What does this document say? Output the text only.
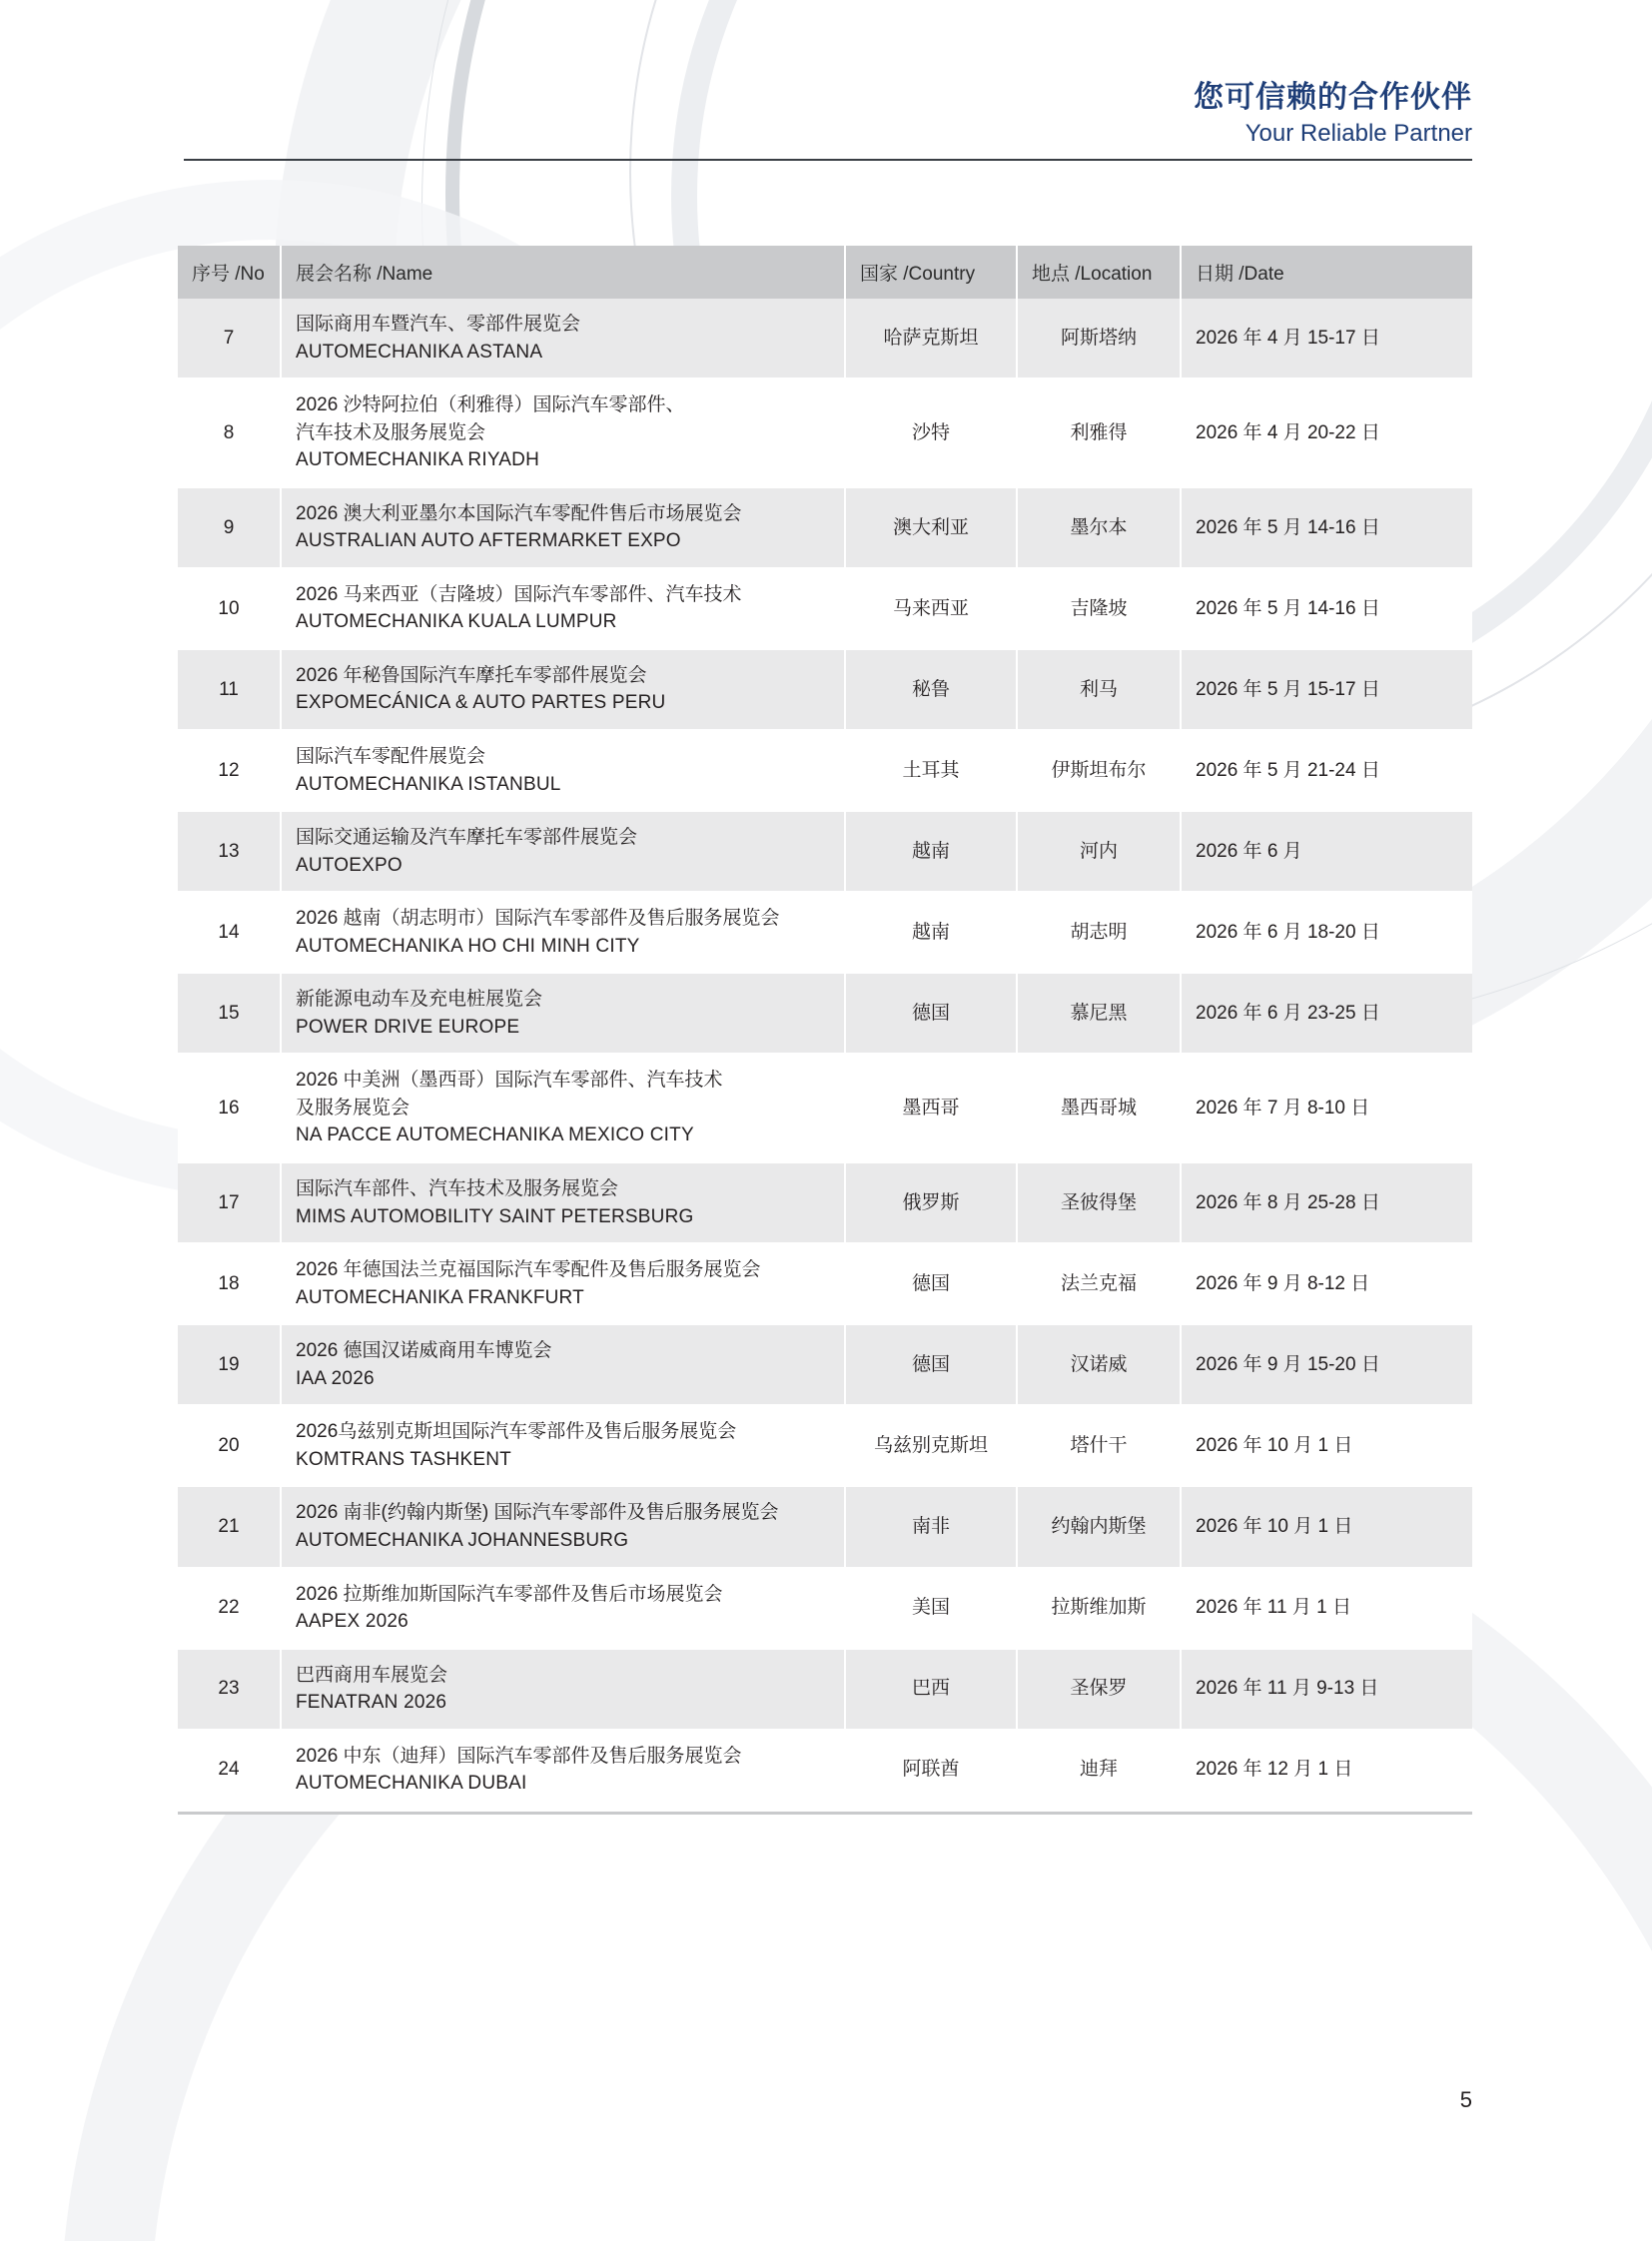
您可信赖的合作伙伴
Your Reliable Partner
序号 /No	展会名称 /Name	国家 /Country	地点 /Location	日期 /Date
7	国际商用车暨汽车、零部件展览会
AUTOMECHANIKA ASTANA	哈萨克斯坦	阿斯塔纳	2026 年 4 月 15-17 日
8	2026 沙特阿拉伯（利雅得）国际汽车零部件、
汽车技术及服务展览会
AUTOMECHANIKA RIYADH	沙特	利雅得	2026 年 4 月 20-22 日
9	2026 澳大利亚墨尔本国际汽车零配件售后市场展览会
AUSTRALIAN AUTO AFTERMARKET EXPO	澳大利亚	墨尔本	2026 年 5 月 14-16 日
10	2026 马来西亚（吉隆坡）国际汽车零部件、汽车技术
AUTOMECHANIKA KUALA LUMPUR	马来西亚	吉隆坡	2026 年 5 月 14-16 日
11	2026 年秘鲁国际汽车摩托车零部件展览会
EXPOMECÁNICA & AUTO PARTES PERU	秘鲁	利马	2026 年 5 月 15-17 日
12	国际汽车零配件展览会
AUTOMECHANIKA ISTANBUL	土耳其	伊斯坦布尔	2026 年 5 月 21-24 日
13	国际交通运输及汽车摩托车零部件展览会
AUTOEXPO	越南	河内	2026 年 6 月
14	2026 越南（胡志明市）国际汽车零部件及售后服务展览会
AUTOMECHANIKA HO CHI MINH CITY	越南	胡志明	2026 年 6 月 18-20 日
15	新能源电动车及充电桩展览会
POWER DRIVE EUROPE	德国	慕尼黑	2026 年 6 月 23-25 日
16	2026 中美洲（墨西哥）国际汽车零部件、汽车技术
及服务展览会
NA PACCE AUTOMECHANIKA MEXICO CITY	墨西哥	墨西哥城	2026 年 7 月 8-10 日
17	国际汽车部件、汽车技术及服务展览会
MIMS AUTOMOBILITY SAINT PETERSBURG	俄罗斯	圣彼得堡	2026 年 8 月 25-28 日
18	2026 年德国法兰克福国际汽车零配件及售后服务展览会
AUTOMECHANIKA FRANKFURT	德国	法兰克福	2026 年 9 月 8-12 日
19	2026 德国汉诺威商用车博览会
IAA 2026	德国	汉诺威	2026 年 9 月 15-20 日
20	2026乌兹别克斯坦国际汽车零部件及售后服务展览会
KOMTRANS TASHKENT	乌兹别克斯坦	塔什干	2026 年 10 月 1 日
21	2026 南非(约翰内斯堡) 国际汽车零部件及售后服务展览会
AUTOMECHANIKA JOHANNESBURG	南非	约翰内斯堡	2026 年 10 月 1 日
22	2026 拉斯维加斯国际汽车零部件及售后市场展览会
AAPEX 2026	美国	拉斯维加斯	2026 年 11 月 1 日
23	巴西商用车展览会
FENATRAN 2026	巴西	圣保罗	2026 年 11 月 9-13 日
24	2026 中东（迪拜）国际汽车零部件及售后服务展览会
AUTOMECHANIKA DUBAI	阿联酋	迪拜	2026 年 12 月 1 日
5
